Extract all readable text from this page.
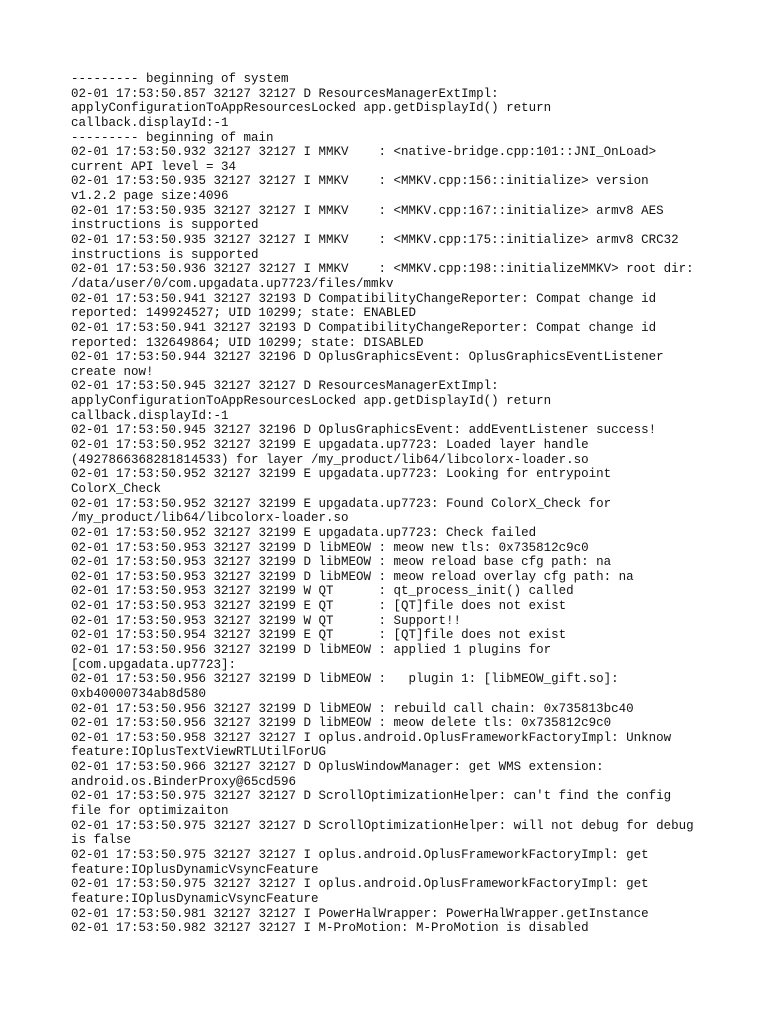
--------- beginning of system
02-01 17:53:50.857 32127 32127 D ResourcesManagerExtImpl:
applyConfigurationToAppResourcesLocked app.getDisplayId() return
callback.displayId:-1
--------- beginning of main
02-01 17:53:50.932 32127 32127 I MMKV    : <native-bridge.cpp:101::JNI_OnLoad>
current API level = 34
02-01 17:53:50.935 32127 32127 I MMKV    : <MMKV.cpp:156::initialize> version
v1.2.2 page size:4096
02-01 17:53:50.935 32127 32127 I MMKV    : <MMKV.cpp:167::initialize> armv8 AES
instructions is supported
02-01 17:53:50.935 32127 32127 I MMKV    : <MMKV.cpp:175::initialize> armv8 CRC32
instructions is supported
02-01 17:53:50.936 32127 32127 I MMKV    : <MMKV.cpp:198::initializeMMKV> root dir:
/data/user/0/com.upgadata.up7723/files/mmkv
02-01 17:53:50.941 32127 32193 D CompatibilityChangeReporter: Compat change id
reported: 149924527; UID 10299; state: ENABLED
02-01 17:53:50.941 32127 32193 D CompatibilityChangeReporter: Compat change id
reported: 132649864; UID 10299; state: DISABLED
02-01 17:53:50.944 32127 32196 D OplusGraphicsEvent: OplusGraphicsEventListener
create now!
02-01 17:53:50.945 32127 32127 D ResourcesManagerExtImpl:
applyConfigurationToAppResourcesLocked app.getDisplayId() return
callback.displayId:-1
02-01 17:53:50.945 32127 32196 D OplusGraphicsEvent: addEventListener success!
02-01 17:53:50.952 32127 32199 E upgadata.up7723: Loaded layer handle
(4927866368281814533) for layer /my_product/lib64/libcolorx-loader.so
02-01 17:53:50.952 32127 32199 E upgadata.up7723: Looking for entrypoint
ColorX_Check
02-01 17:53:50.952 32127 32199 E upgadata.up7723: Found ColorX_Check for
/my_product/lib64/libcolorx-loader.so
02-01 17:53:50.952 32127 32199 E upgadata.up7723: Check failed
02-01 17:53:50.953 32127 32199 D libMEOW : meow new tls: 0x735812c9c0
02-01 17:53:50.953 32127 32199 D libMEOW : meow reload base cfg path: na
02-01 17:53:50.953 32127 32199 D libMEOW : meow reload overlay cfg path: na
02-01 17:53:50.953 32127 32199 W QT      : qt_process_init() called
02-01 17:53:50.953 32127 32199 E QT      : [QT]file does not exist
02-01 17:53:50.953 32127 32199 W QT      : Support!!
02-01 17:53:50.954 32127 32199 E QT      : [QT]file does not exist
02-01 17:53:50.956 32127 32199 D libMEOW : applied 1 plugins for
[com.upgadata.up7723]:
02-01 17:53:50.956 32127 32199 D libMEOW :   plugin 1: [libMEOW_gift.so]:
0xb40000734ab8d580
02-01 17:53:50.956 32127 32199 D libMEOW : rebuild call chain: 0x735813bc40
02-01 17:53:50.956 32127 32199 D libMEOW : meow delete tls: 0x735812c9c0
02-01 17:53:50.958 32127 32127 I oplus.android.OplusFrameworkFactoryImpl: Unknow
feature:IOplusTextViewRTLUtilForUG
02-01 17:53:50.966 32127 32127 D OplusWindowManager: get WMS extension:
android.os.BinderProxy@65cd596
02-01 17:53:50.975 32127 32127 D ScrollOptimizationHelper: can't find the config
file for optimizaiton
02-01 17:53:50.975 32127 32127 D ScrollOptimizationHelper: will not debug for debug
is false
02-01 17:53:50.975 32127 32127 I oplus.android.OplusFrameworkFactoryImpl: get
feature:IOplusDynamicVsyncFeature
02-01 17:53:50.975 32127 32127 I oplus.android.OplusFrameworkFactoryImpl: get
feature:IOplusDynamicVsyncFeature
02-01 17:53:50.981 32127 32127 I PowerHalWrapper: PowerHalWrapper.getInstance
02-01 17:53:50.982 32127 32127 I M-ProMotion: M-ProMotion is disabled
